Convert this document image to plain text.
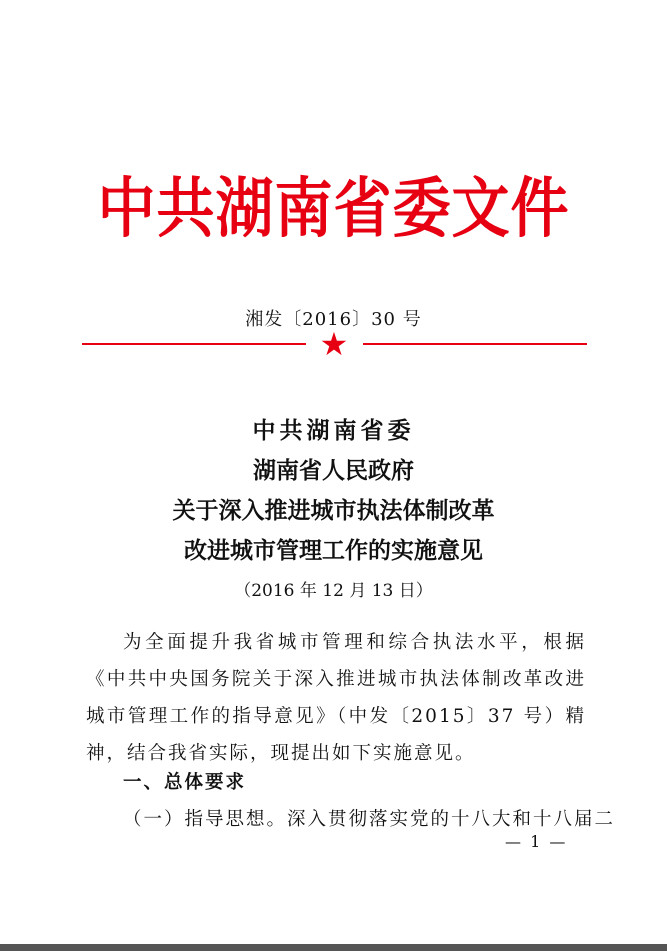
中共湖南省委文件
湘发〔2016〕30 号
★
中共湖南省委
湖南省人民政府
关于深入推进城市执法体制改革
改进城市管理工作的实施意见
（2016 年 12 月 13 日）
为全面提升我省城市管理和综合执法水平，根据《中共中央国务院关于深入推进城市执法体制改革改进城市管理工作的指导意见》（中发〔2015〕37 号）精神，结合我省实际，现提出如下实施意见。
一、总体要求
（一）指导思想。深入贯彻落实党的十八大和十八届二
— 1 —
